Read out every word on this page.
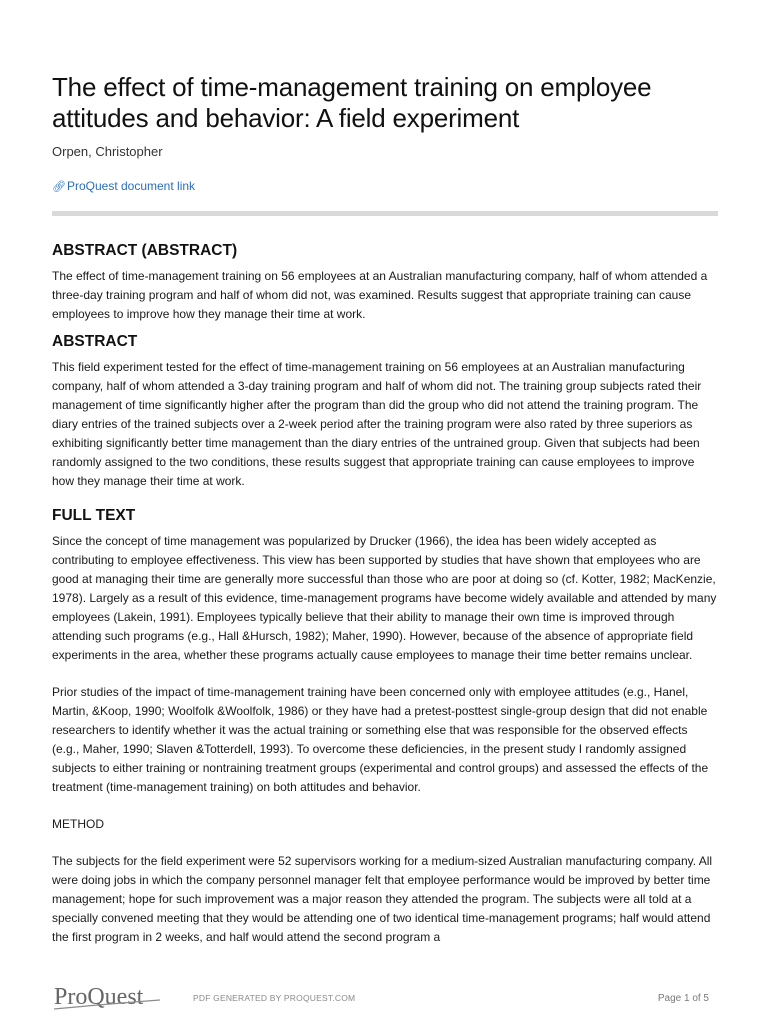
The effect of time-management training on employee attitudes and behavior: A field experiment
Orpen, Christopher
🔗︎ProQuest document link
ABSTRACT (ABSTRACT)

The effect of time-management training on 56 employees at an Australian manufacturing company, half of whom attended a three-day training program and half of whom did not, was examined. Results suggest that appropriate training can cause employees to improve how they manage their time at work.

ABSTRACT

This field experiment tested for the effect of time-management training on 56 employees at an Australian manufacturing company, half of whom attended a 3-day training program and half of whom did not. The training group subjects rated their management of time significantly higher after the program than did the group who did not attend the training program. The diary entries of the trained subjects over a 2-week period after the training program were also rated by three superiors as exhibiting significantly better time management than the diary entries of the untrained group. Given that subjects had been randomly assigned to the two conditions, these results suggest that appropriate training can cause employees to improve how they manage their time at work.

FULL TEXT

Since the concept of time management was popularized by Drucker (1966), the idea has been widely accepted as contributing to employee effectiveness. This view has been supported by studies that have shown that employees who are good at managing their time are generally more successful than those who are poor at doing so (cf. Kotter, 1982; MacKenzie, 1978). Largely as a result of this evidence, time-management programs have become widely available and attended by many employees (Lakein, 1991). Employees typically believe that their ability to manage their own time is improved through attending such programs (e.g., Hall &Hursch, 1982); Maher, 1990). However, because of the absence of appropriate field experiments in the area, whether these programs actually cause employees to manage their time better remains unclear.

Prior studies of the impact of time-management training have been concerned only with employee attitudes (e.g., Hanel, Martin, &Koop, 1990; Woolfolk &Woolfolk, 1986) or they have had a pretest-posttest single-group design that did not enable researchers to identify whether it was the actual training or something else that was responsible for the observed effects (e.g., Maher, 1990; Slaven &Totterdell, 1993). To overcome these deficiencies, in the present study I randomly assigned subjects to either training or nontraining treatment groups (experimental and control groups) and assessed the effects of the treatment (time-management training) on both attitudes and behavior.

METHOD

The subjects for the field experiment were 52 supervisors working for a medium-sized Australian manufacturing company. All were doing jobs in which the company personnel manager felt that employee performance would be improved by better time management; hope for such improvement was a major reason they attended the program. The subjects were all told at a specially convened meeting that they would be attending one of two identical time-management programs; half would attend the first program in 2 weeks, and half would attend the second program a

ProQuest	PDF GENERATED BY PROQUEST.COM	Page 1 of 5
